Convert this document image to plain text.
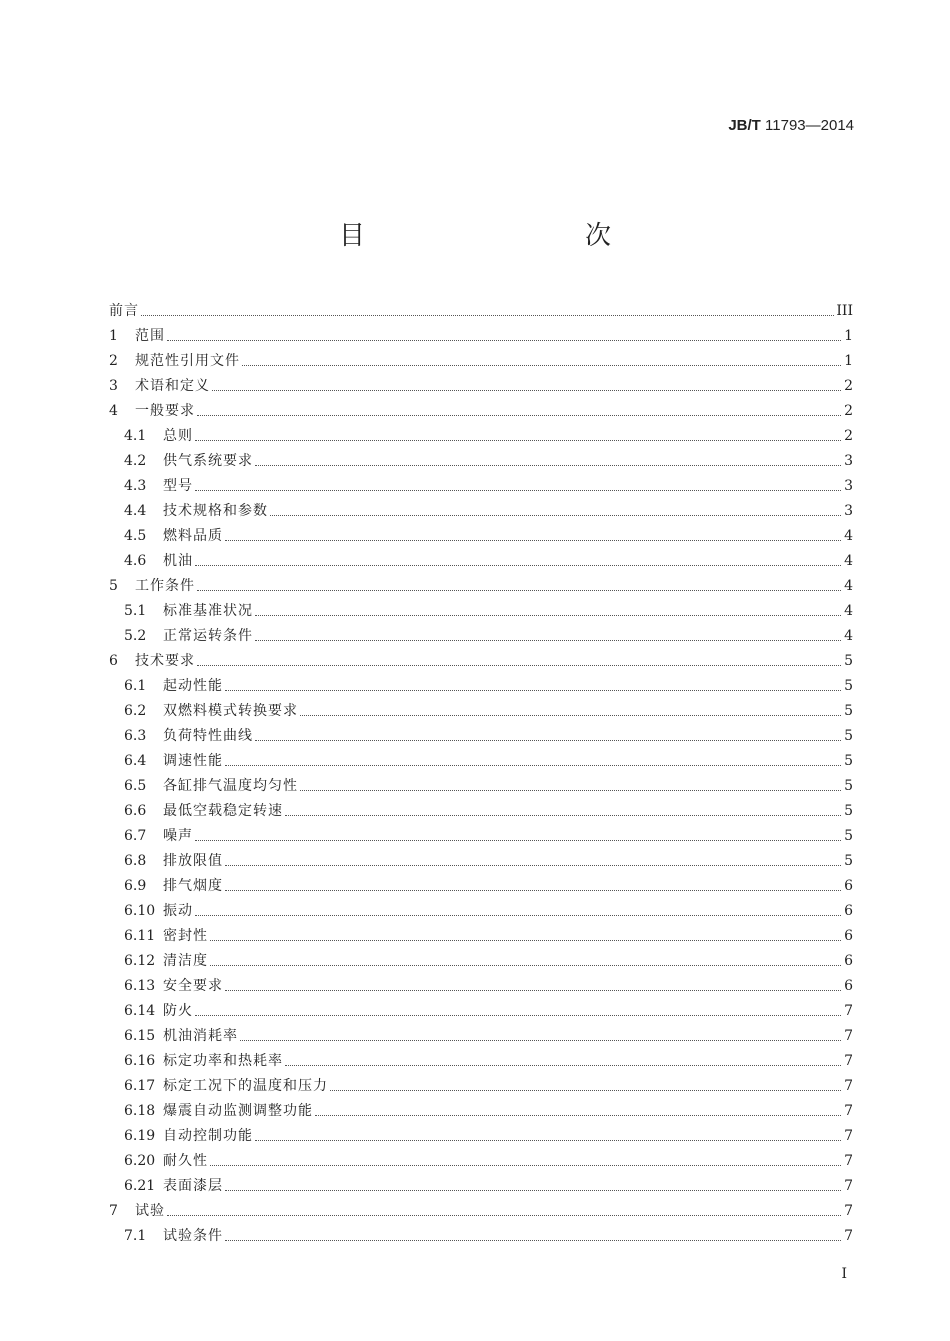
JB/T 11793—2014
目　　次
前言	III
1	范围	1
2	规范性引用文件	1
3	术语和定义	2
4	一般要求	2
4.1	总则	2
4.2	供气系统要求	3
4.3	型号	3
4.4	技术规格和参数	3
4.5	燃料品质	4
4.6	机油	4
5	工作条件	4
5.1	标准基准状况	4
5.2	正常运转条件	4
6	技术要求	5
6.1	起动性能	5
6.2	双燃料模式转换要求	5
6.3	负荷特性曲线	5
6.4	调速性能	5
6.5	各缸排气温度均匀性	5
6.6	最低空载稳定转速	5
6.7	噪声	5
6.8	排放限值	5
6.9	排气烟度	6
6.10 振动	6
6.11 密封性	6
6.12 清洁度	6
6.13 安全要求	6
6.14 防火	7
6.15 机油消耗率	7
6.16 标定功率和热耗率	7
6.17 标定工况下的温度和压力	7
6.18 爆震自动监测调整功能	7
6.19 自动控制功能	7
6.20 耐久性	7
6.21 表面漆层	7
7	试验	7
7.1	试验条件	7
I
